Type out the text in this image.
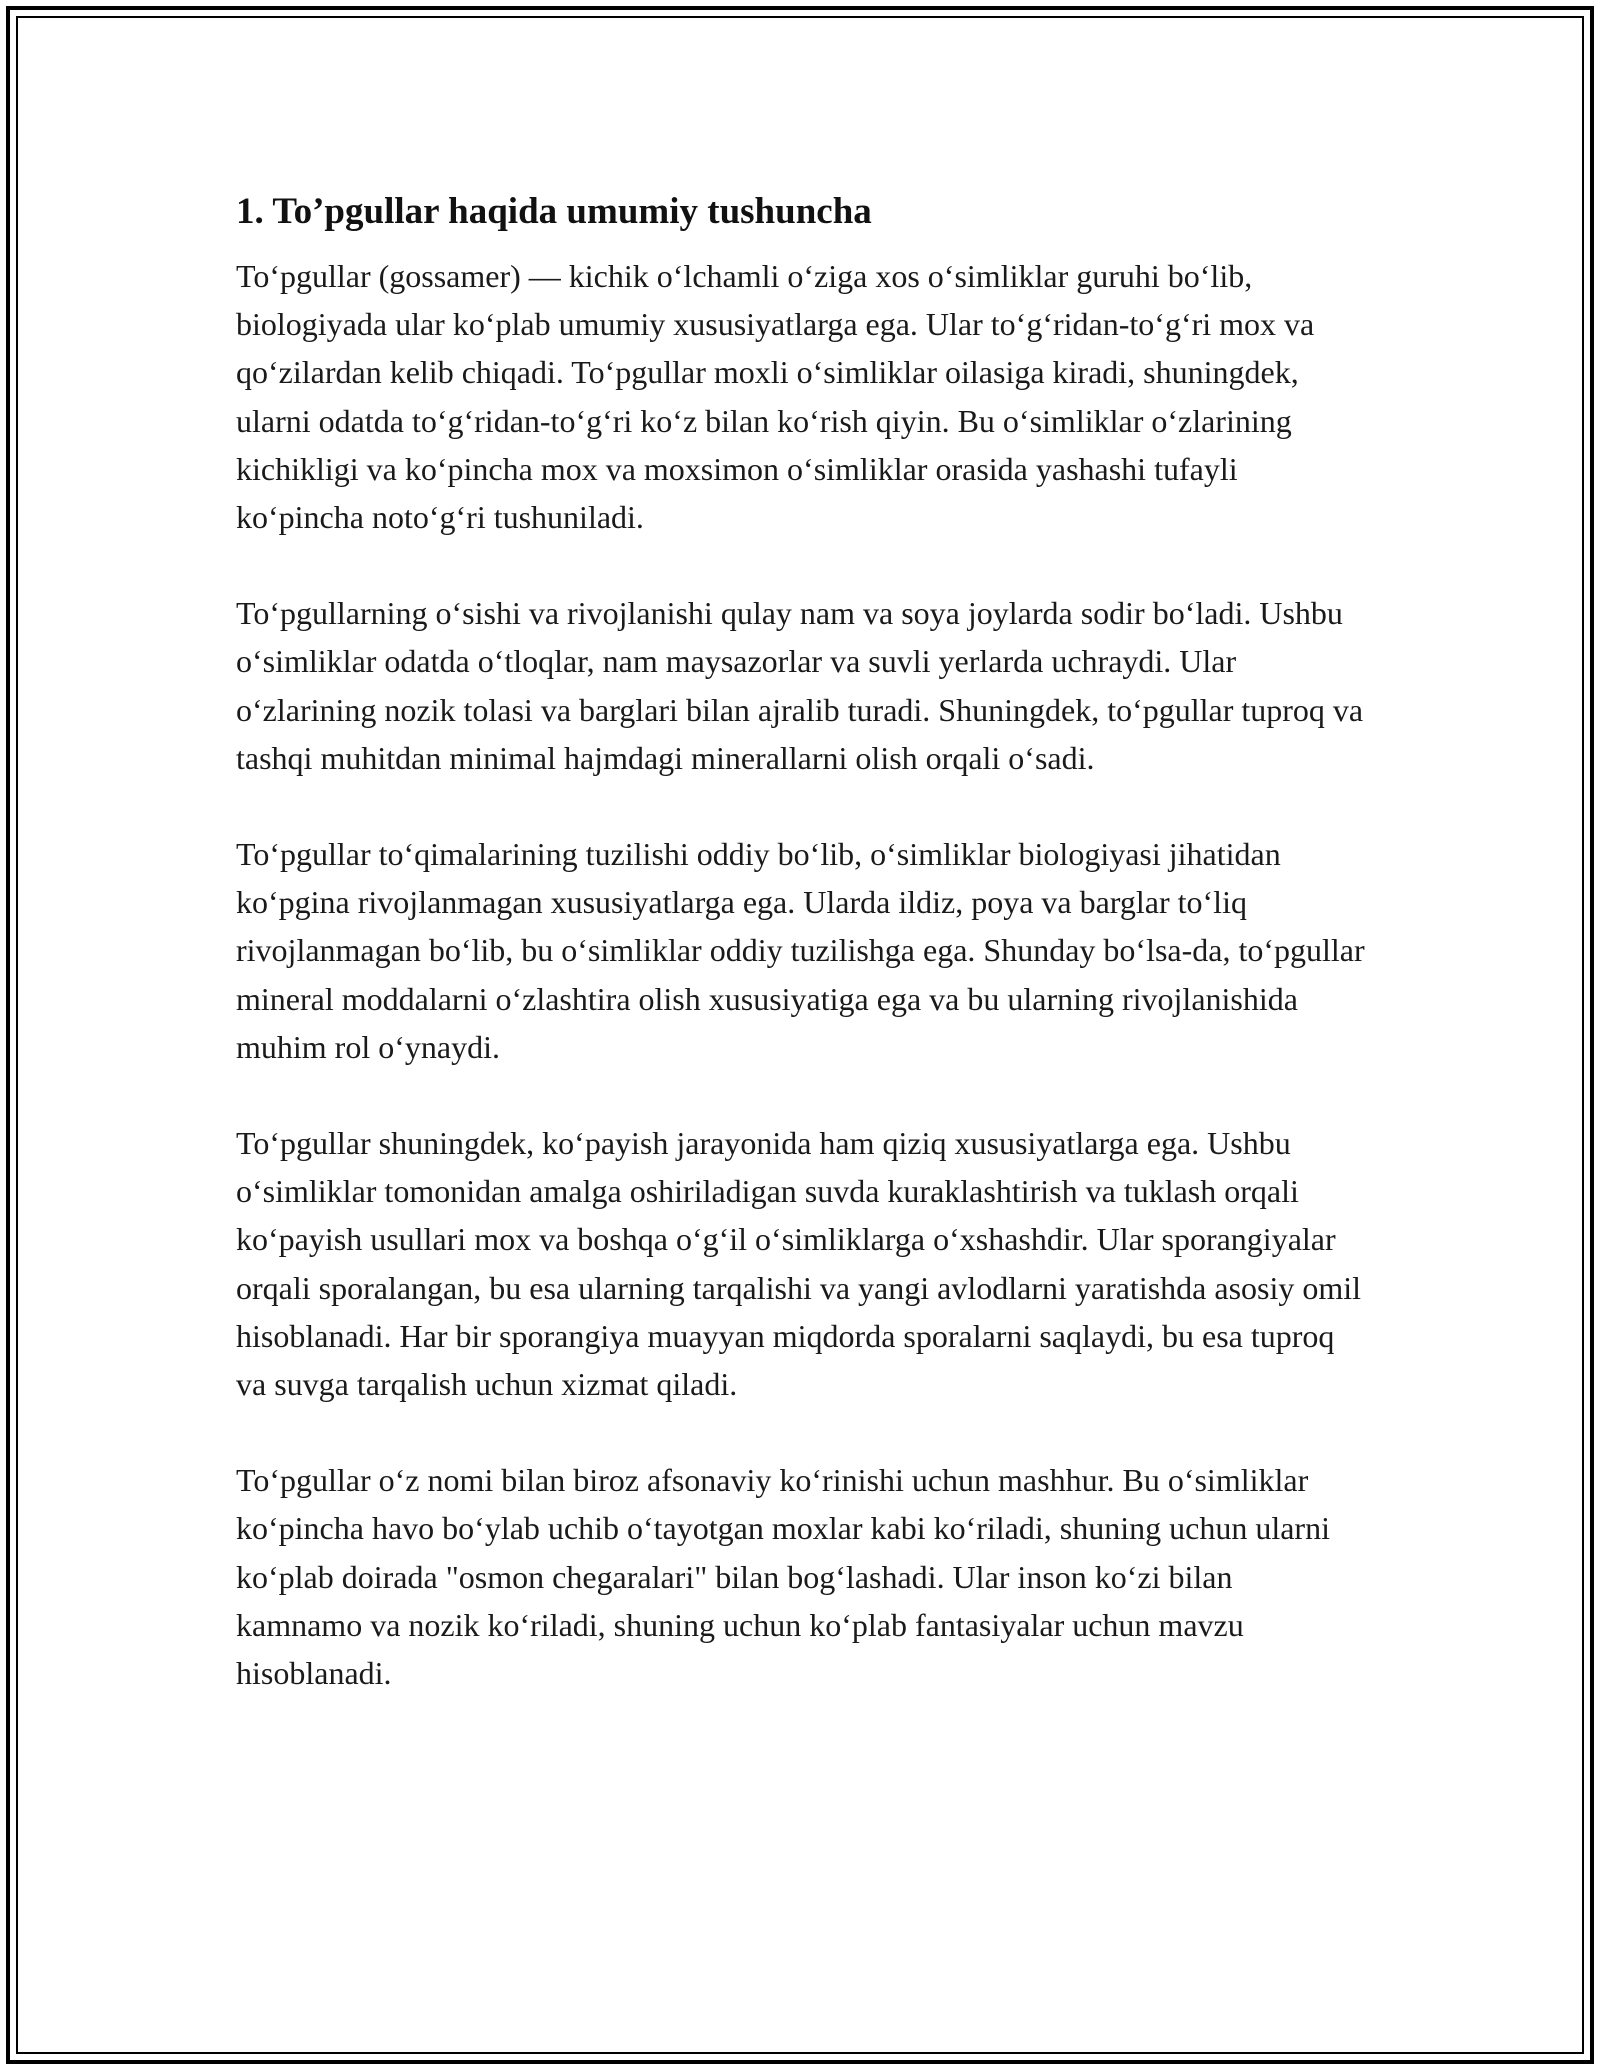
1. To’pgullar haqida umumiy tushuncha

To‘pgullar (gossamer) — kichik o‘lchamli o‘ziga xos o‘simliklar guruhi bo‘lib, biologiyada ular ko‘plab umumiy xususiyatlarga ega. Ular to‘g‘ridan-to‘g‘ri mox va qo‘zilardan kelib chiqadi. To‘pgullar moxli o‘simliklar oilasiga kiradi, shuningdek, ularni odatda to‘g‘ridan-to‘g‘ri ko‘z bilan ko‘rish qiyin. Bu o‘simliklar o‘zlarining kichikligi va ko‘pincha mox va moxsimon o‘simliklar orasida yashashi tufayli ko‘pincha noto‘g‘ri tushuniladi.

To‘pgullarning o‘sishi va rivojlanishi qulay nam va soya joylarda sodir bo‘ladi. Ushbu o‘simliklar odatda o‘tloqlar, nam maysazorlar va suvli yerlarda uchraydi. Ular o‘zlarining nozik tolasi va barglari bilan ajralib turadi. Shuningdek, to‘pgullar tuproq va tashqi muhitdan minimal hajmdagi minerallarni olish orqali o‘sadi.

To‘pgullar to‘qimalarining tuzilishi oddiy bo‘lib, o‘simliklar biologiyasi jihatidan ko‘pgina rivojlanmagan xususiyatlarga ega. Ularda ildiz, poya va barglar to‘liq rivojlanmagan bo‘lib, bu o‘simliklar oddiy tuzilishga ega. Shunday bo‘lsa-da, to‘pgullar mineral moddalarni o‘zlashtira olish xususiyatiga ega va bu ularning rivojlanishida muhim rol o‘ynaydi.

To‘pgullar shuningdek, ko‘payish jarayonida ham qiziq xususiyatlarga ega. Ushbu o‘simliklar tomonidan amalga oshiriladigan suvda kuraklashtirish va tuklash orqali ko‘payish usullari mox va boshqa o‘g‘il o‘simliklarga o‘xshashdir. Ular sporangiyalar orqali sporalangan, bu esa ularning tarqalishi va yangi avlodlarni yaratishda asosiy omil hisoblanadi. Har bir sporangiya muayyan miqdorda sporalarni saqlaydi, bu esa tuproq va suvga tarqalish uchun xizmat qiladi.

To‘pgullar o‘z nomi bilan biroz afsonaviy ko‘rinishi uchun mashhur. Bu o‘simliklar ko‘pincha havo bo‘ylab uchib o‘tayotgan moxlar kabi ko‘riladi, shuning uchun ularni ko‘plab doirada "osmon chegaralari" bilan bog‘lashadi. Ular inson ko‘zi bilan kamnamo va nozik ko‘riladi, shuning uchun ko‘plab fantasiyalar uchun mavzu hisoblanadi.
